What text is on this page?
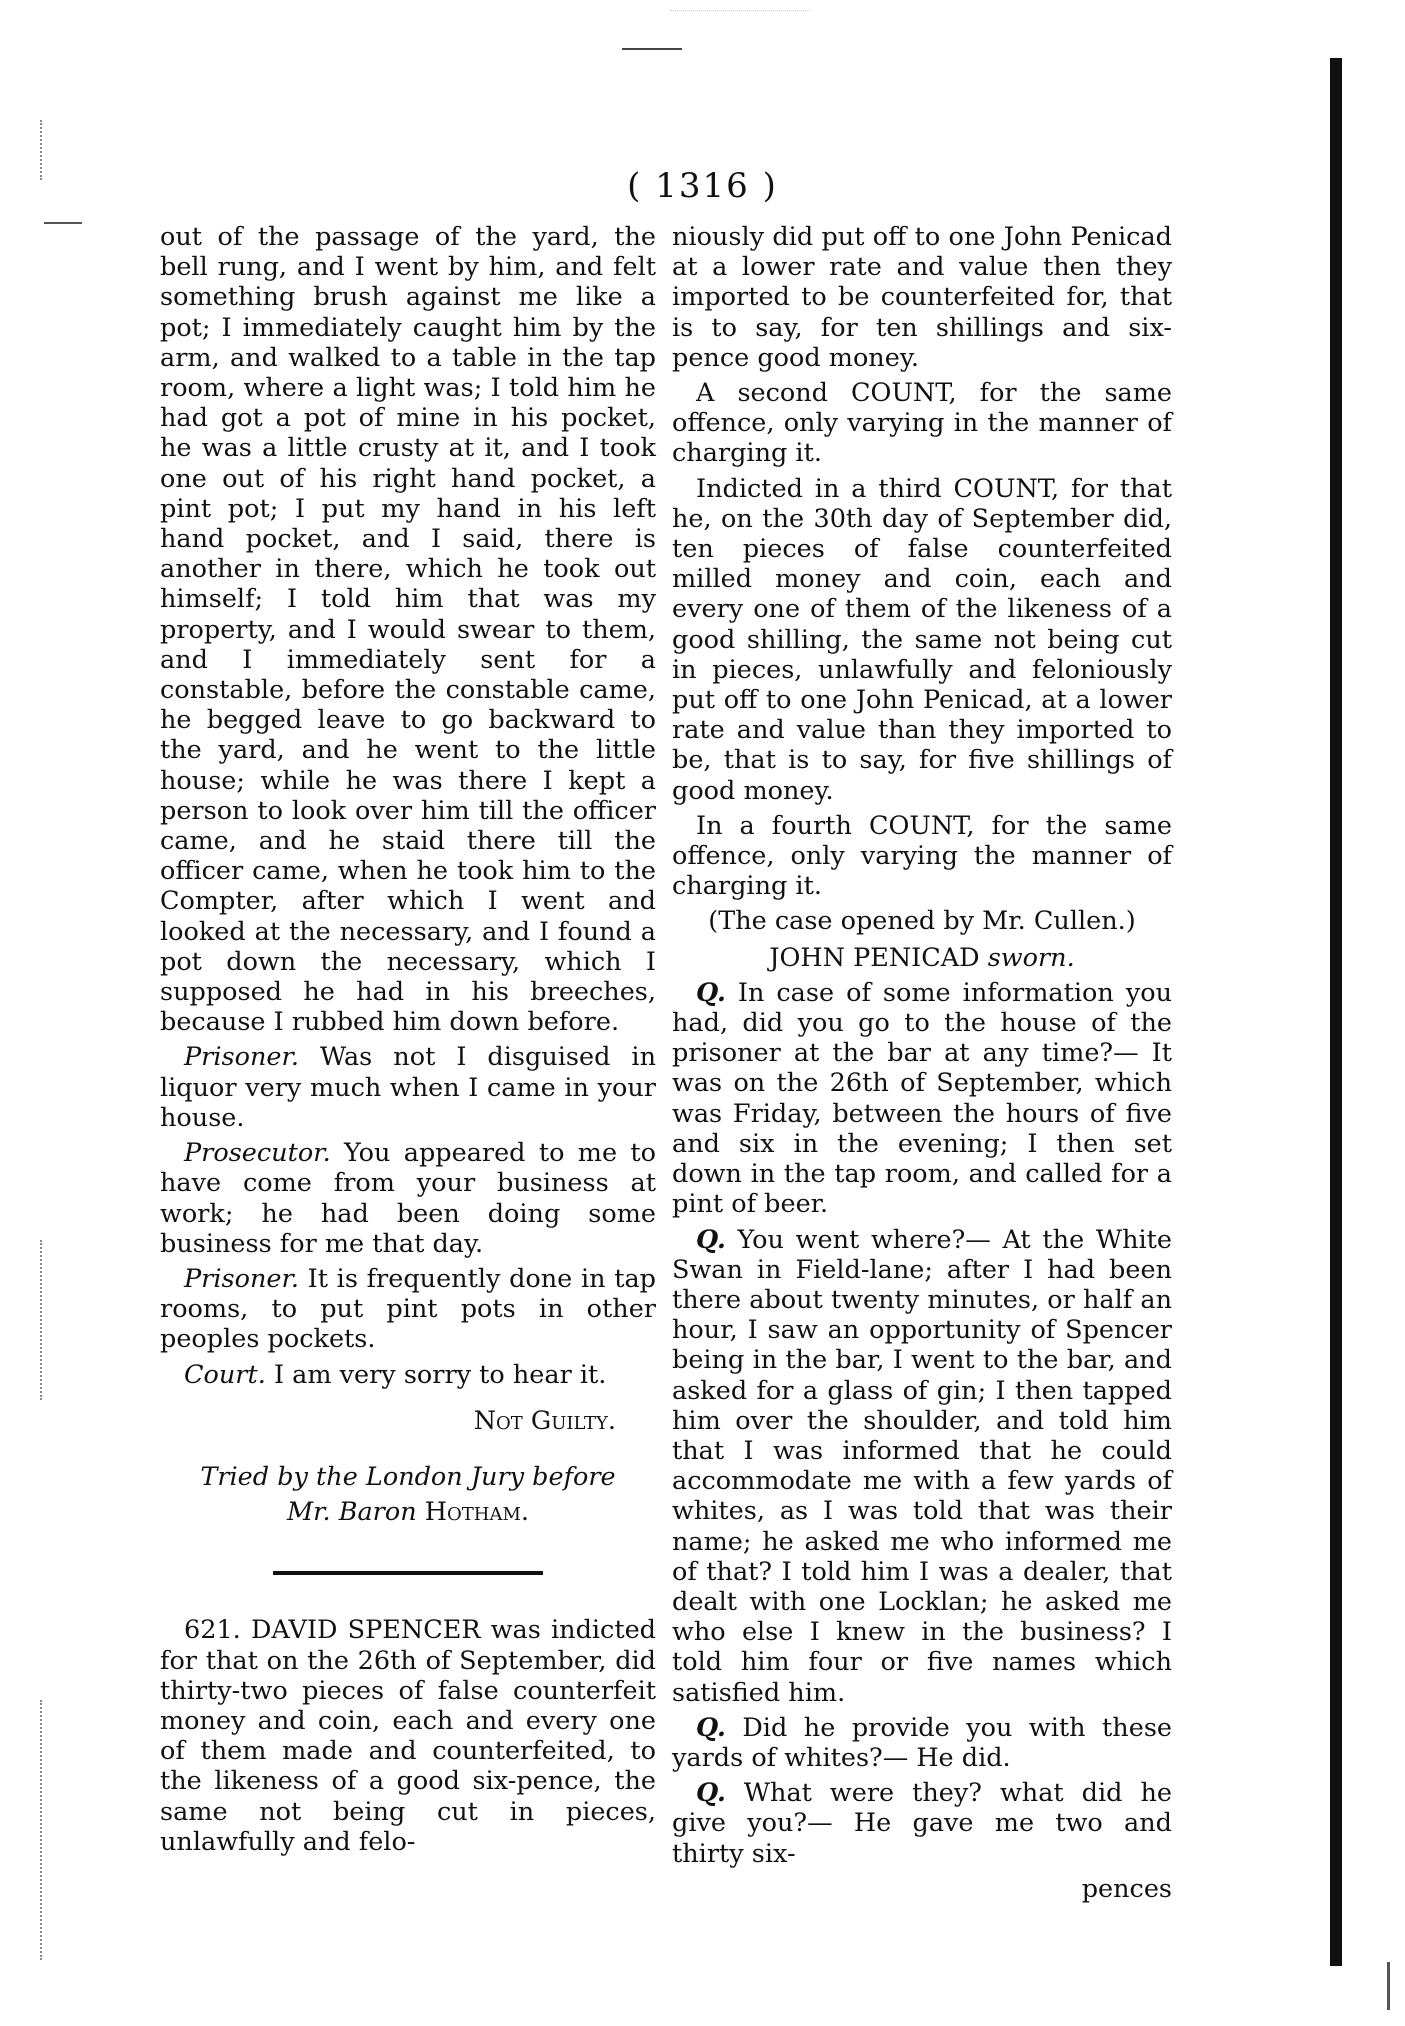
( 1316 )

out of the passage of the yard, the bell rung, and I went by him, and felt something brush against me like a pot; I immediately caught him by the arm, and walked to a table in the tap room, where a light was; I told him he had got a pot of mine in his pocket, he was a little crusty at it, and I took one out of his right hand pocket, a pint pot; I put my hand in his left hand pocket, and I said, there is another in there, which he took out himself; I told him that was my property, and I would swear to them, and I immediately sent for a constable, before the constable came, he begged leave to go backward to the yard, and he went to the little house; while he was there I kept a person to look over him till the officer came, and he staid there till the officer came, when he took him to the Compter, after which I went and looked at the necessary, and I found a pot down the necessary, which I supposed he had in his breeches, because I rubbed him down before.

Prisoner. Was not I disguised in liquor very much when I came in your house.

Prosecutor. You appeared to me to have come from your business at work; he had been doing some business for me that day.

Prisoner. It is frequently done in tap rooms, to put pint pots in other peoples pockets.

Court. I am very sorry to hear it.

Not Guilty.

Tried by the London Jury before

Mr. Baron Hotham.

621. DAVID SPENCER was indicted for that on the 26th of September, did thirty-two pieces of false counterfeit money and coin, each and every one of them made and counterfeited, to the likeness of a good six-pence, the same not being cut in pieces, unlawfully and felo-

niously did put off to one John Penicad at a lower rate and value then they imported to be counterfeited for, that is to say, for ten shillings and six-pence good money.

A second COUNT, for the same offence, only varying in the manner of charging it.

Indicted in a third COUNT, for that he, on the 30th day of September did, ten pieces of false counterfeited milled money and coin, each and every one of them of the likeness of a good shilling, the same not being cut in pieces, unlawfully and feloniously put off to one John Penicad, at a lower rate and value than they imported to be, that is to say, for five shillings of good money.

In a fourth COUNT, for the same offence, only varying the manner of charging it.

(The case opened by Mr. Cullen.)

JOHN PENICAD sworn.

Q. In case of some information you had, did you go to the house of the prisoner at the bar at any time?— It was on the 26th of September, which was Friday, between the hours of five and six in the evening; I then set down in the tap room, and called for a pint of beer.

Q. You went where?— At the White Swan in Field-lane; after I had been there about twenty minutes, or half an hour, I saw an opportunity of Spencer being in the bar, I went to the bar, and asked for a glass of gin; I then tapped him over the shoulder, and told him that I was informed that he could accommodate me with a few yards of whites, as I was told that was their name; he asked me who informed me of that? I told him I was a dealer, that dealt with one Locklan; he asked me who else I knew in the business? I told him four or five names which satisfied him.

Q. Did he provide you with these yards of whites?— He did.

Q. What were they? what did he give you?— He gave me two and thirty six-

pences
